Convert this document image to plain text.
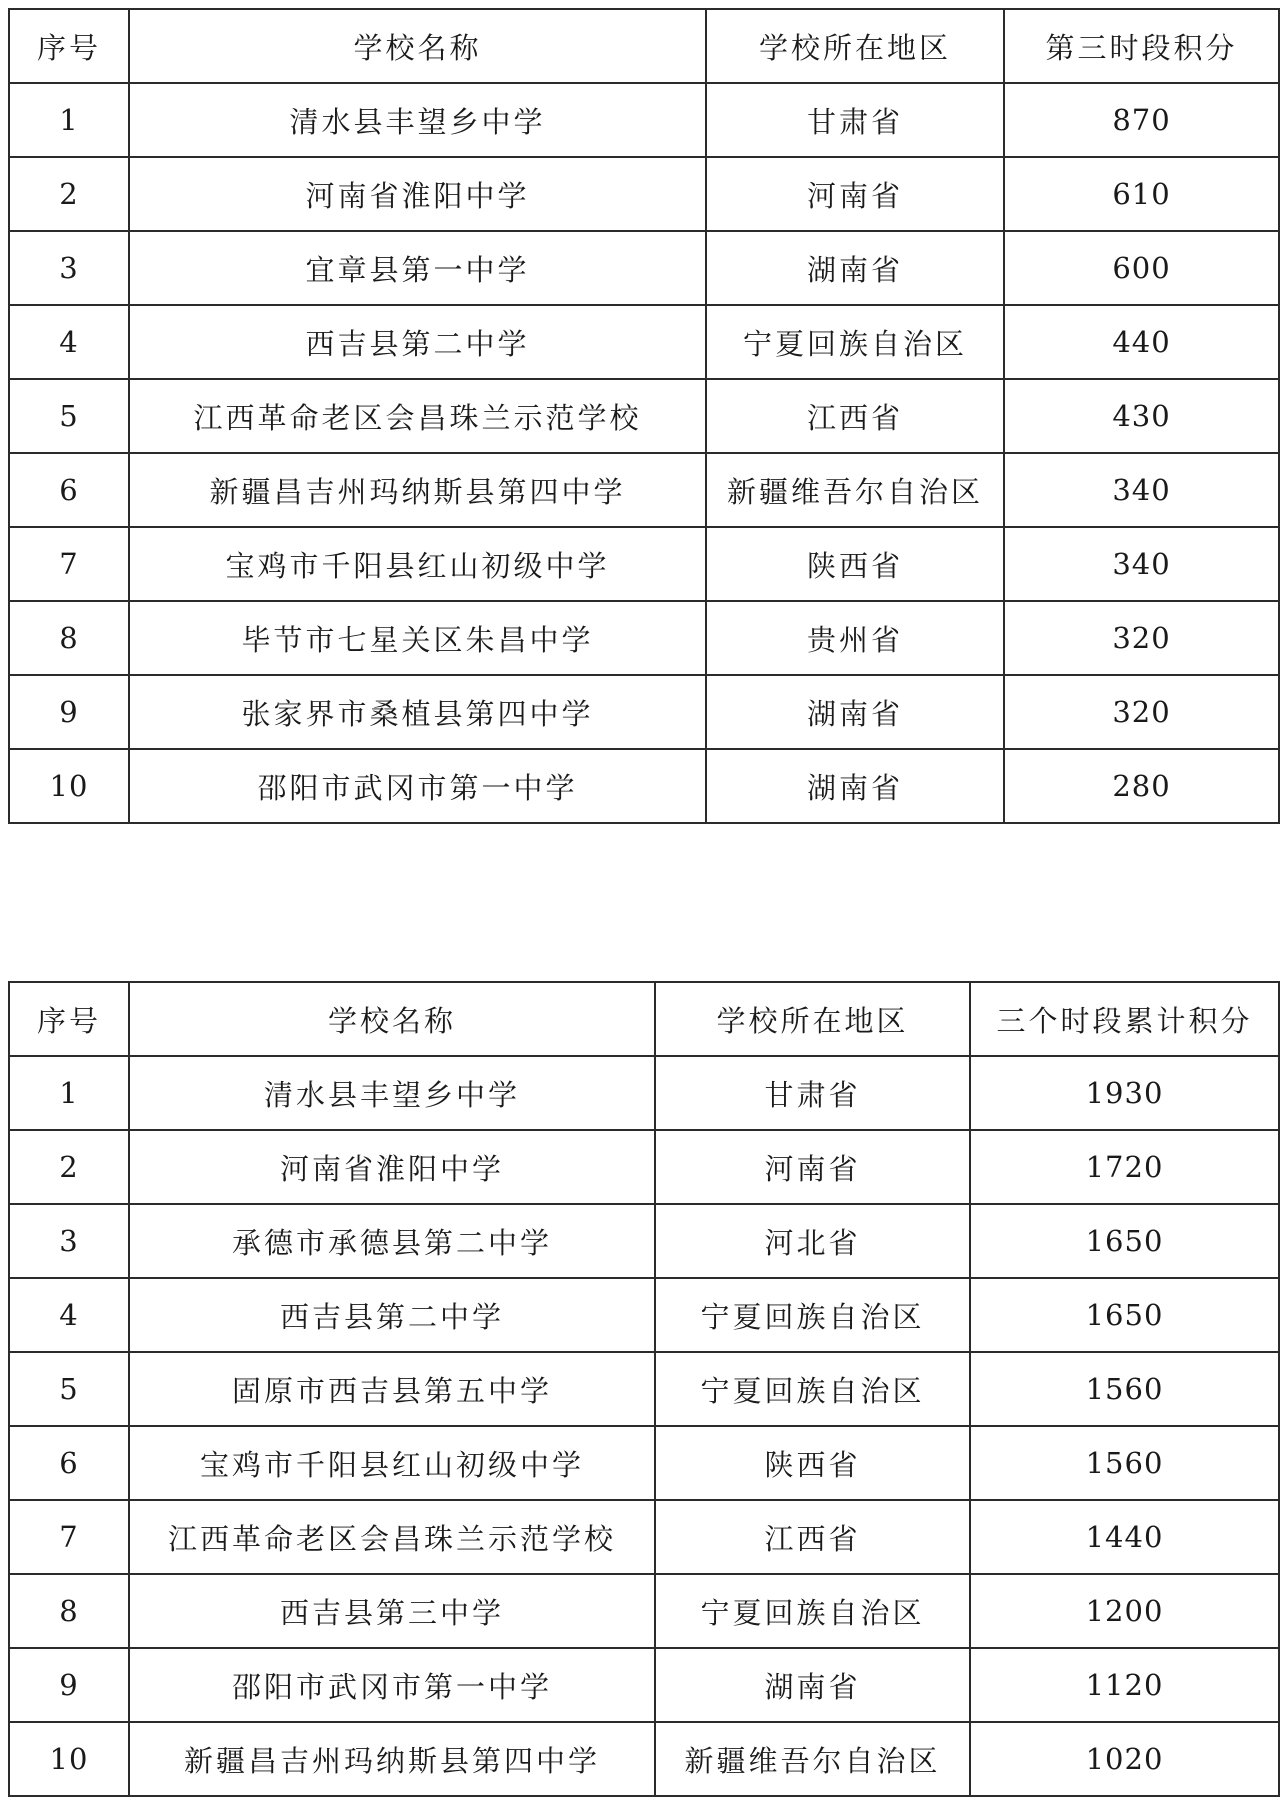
序号	学校名称	学校所在地区	第三时段积分
1	清水县丰望乡中学	甘肃省	870
2	河南省淮阳中学	河南省	610
3	宜章县第一中学	湖南省	600
4	西吉县第二中学	宁夏回族自治区	440
5	江西革命老区会昌珠兰示范学校	江西省	430
6	新疆昌吉州玛纳斯县第四中学	新疆维吾尔自治区	340
7	宝鸡市千阳县红山初级中学	陕西省	340
8	毕节市七星关区朱昌中学	贵州省	320
9	张家界市桑植县第四中学	湖南省	320
10	邵阳市武冈市第一中学	湖南省	280
序号	学校名称	学校所在地区	三个时段累计积分
1	清水县丰望乡中学	甘肃省	1930
2	河南省淮阳中学	河南省	1720
3	承德市承德县第二中学	河北省	1650
4	西吉县第二中学	宁夏回族自治区	1650
5	固原市西吉县第五中学	宁夏回族自治区	1560
6	宝鸡市千阳县红山初级中学	陕西省	1560
7	江西革命老区会昌珠兰示范学校	江西省	1440
8	西吉县第三中学	宁夏回族自治区	1200
9	邵阳市武冈市第一中学	湖南省	1120
10	新疆昌吉州玛纳斯县第四中学	新疆维吾尔自治区	1020
